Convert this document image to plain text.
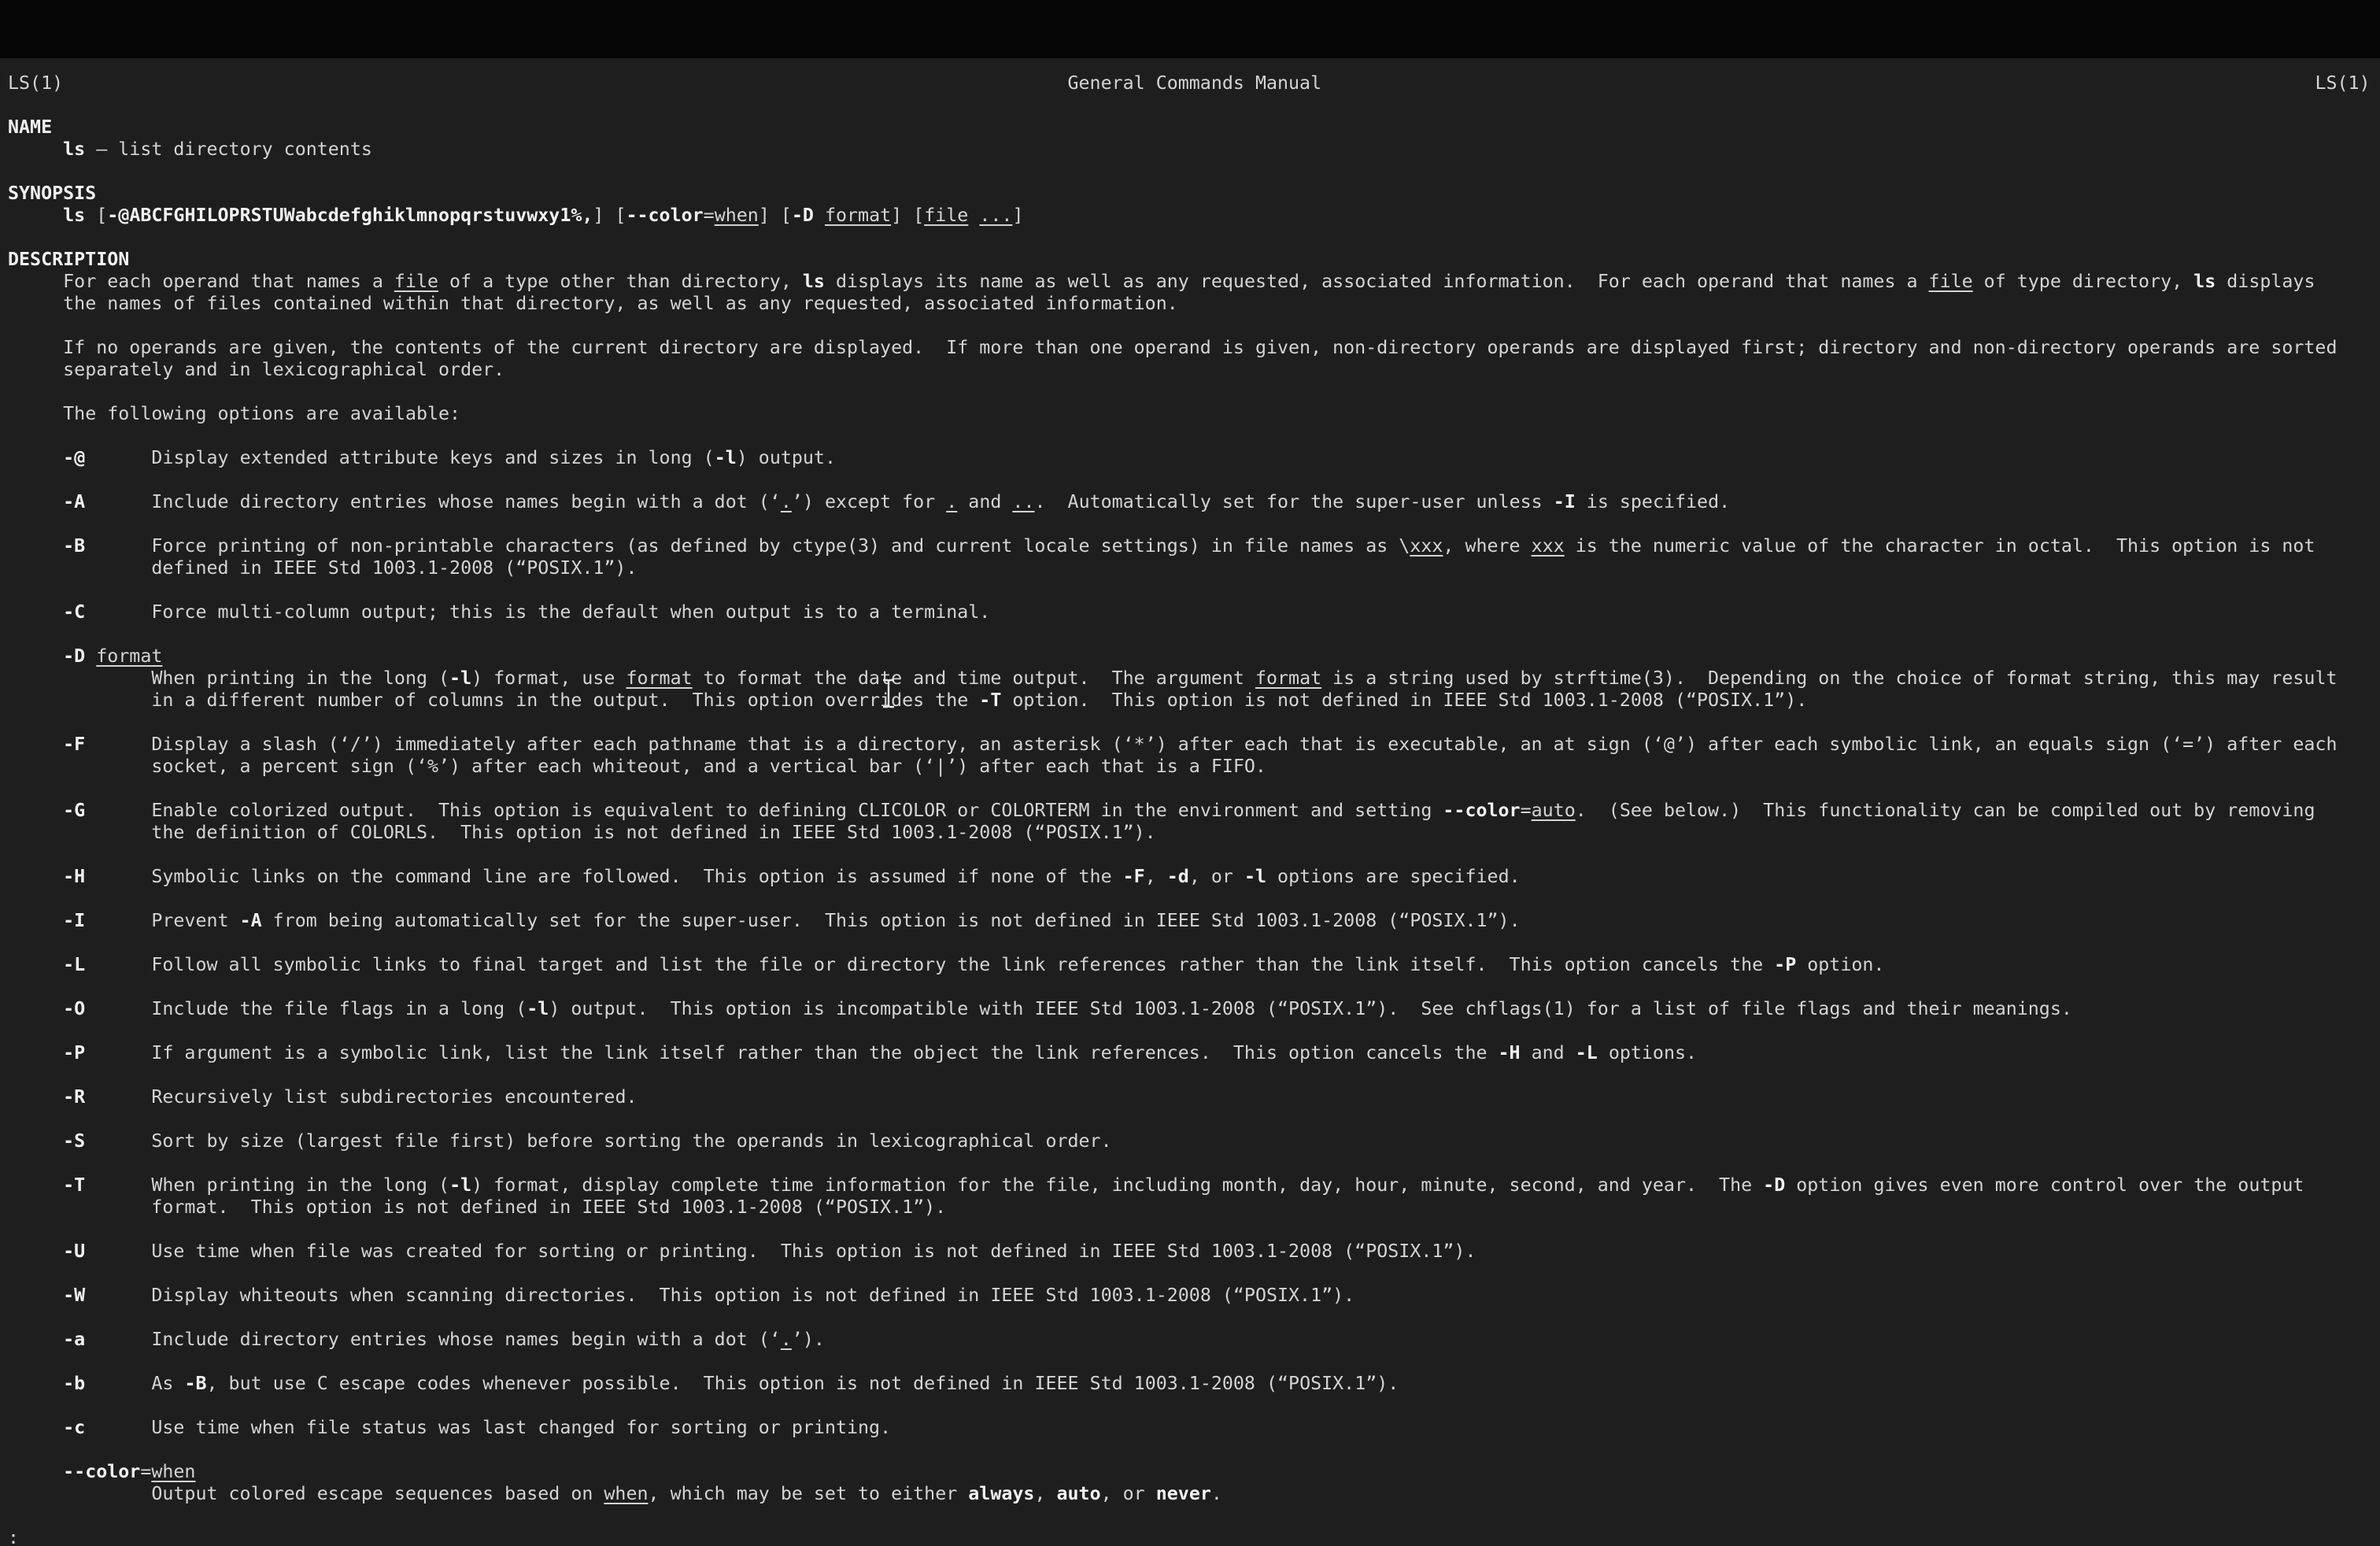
LS(1)	General Commands Manual	LS(1)

NAME
ls – list directory contents

SYNOPSIS
ls [-@ABCFGHILOPRSTUWabcdefghiklmnopqrstuvwxy1%,] [--color=when] [-D format] [file ...]

DESCRIPTION
For each operand that names a file of a type other than directory, ls displays its name as well as any requested, associated information.  For each operand that names a file of type directory, ls displays
the names of files contained within that directory, as well as any requested, associated information.

If no operands are given, the contents of the current directory are displayed.  If more than one operand is given, non-directory operands are displayed first; directory and non-directory operands are sorted
separately and in lexicographical order.

The following options are available:

-@	Display extended attribute keys and sizes in long (-l) output.

-A	Include directory entries whose names begin with a dot (‘.’) except for . and ...  Automatically set for the super-user unless -I is specified.

-B	Force printing of non-printable characters (as defined by ctype(3) and current locale settings) in file names as \xxx, where xxx is the numeric value of the character in octal.  This option is not
defined in IEEE Std 1003.1-2008 (“POSIX.1”).

-C	Force multi-column output; this is the default when output is to a terminal.

-D format
When printing in the long (-l) format, use format to format the date and time output.  The argument format is a string used by strftime(3).  Depending on the choice of format string, this may result
in a different number of columns in the output.  This option overrides the -T option.  This option is not defined in IEEE Std 1003.1-2008 (“POSIX.1”).

-F	Display a slash (‘/’) immediately after each pathname that is a directory, an asterisk (‘*’) after each that is executable, an at sign (‘@’) after each symbolic link, an equals sign (‘=’) after each
socket, a percent sign (‘%’) after each whiteout, and a vertical bar (‘|’) after each that is a FIFO.

-G	Enable colorized output.  This option is equivalent to defining CLICOLOR or COLORTERM in the environment and setting --color=auto.  (See below.)  This functionality can be compiled out by removing
the definition of COLORLS.  This option is not defined in IEEE Std 1003.1-2008 (“POSIX.1”).

-H	Symbolic links on the command line are followed.  This option is assumed if none of the -F, -d, or -l options are specified.

-I	Prevent -A from being automatically set for the super-user.  This option is not defined in IEEE Std 1003.1-2008 (“POSIX.1”).

-L	Follow all symbolic links to final target and list the file or directory the link references rather than the link itself.  This option cancels the -P option.

-O	Include the file flags in a long (-l) output.  This option is incompatible with IEEE Std 1003.1-2008 (“POSIX.1”).  See chflags(1) for a list of file flags and their meanings.

-P	If argument is a symbolic link, list the link itself rather than the object the link references.  This option cancels the -H and -L options.

-R	Recursively list subdirectories encountered.

-S	Sort by size (largest file first) before sorting the operands in lexicographical order.

-T	When printing in the long (-l) format, display complete time information for the file, including month, day, hour, minute, second, and year.  The -D option gives even more control over the output
format.  This option is not defined in IEEE Std 1003.1-2008 (“POSIX.1”).

-U	Use time when file was created for sorting or printing.  This option is not defined in IEEE Std 1003.1-2008 (“POSIX.1”).

-W	Display whiteouts when scanning directories.  This option is not defined in IEEE Std 1003.1-2008 (“POSIX.1”).

-a	Include directory entries whose names begin with a dot (‘.’).

-b	As -B, but use C escape codes whenever possible.  This option is not defined in IEEE Std 1003.1-2008 (“POSIX.1”).

-c	Use time when file status was last changed for sorting or printing.

--color=when
Output colored escape sequences based on when, which may be set to either always, auto, or never.

:
